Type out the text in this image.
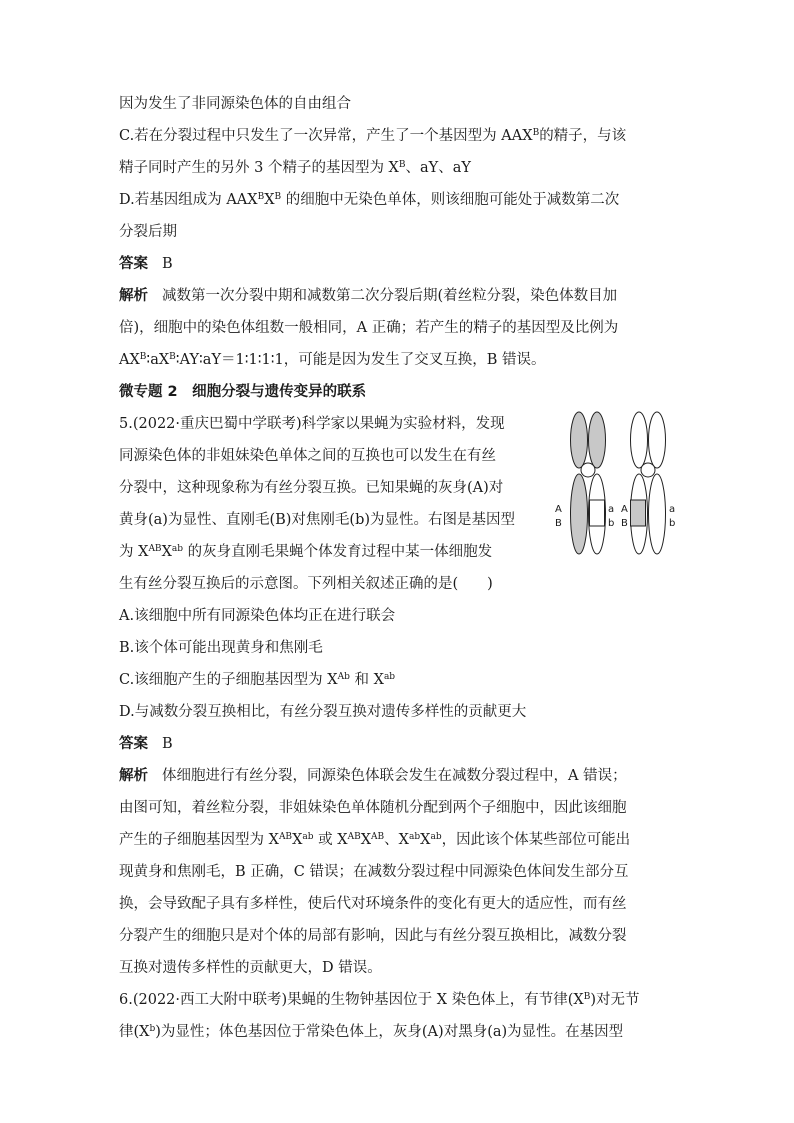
因为发生了非同源染色体的自由组合
C.若在分裂过程中只发生了一次异常，产生了一个基因型为 $AAX^B$的精子，与该
精子同时产生的另外 3 个精子的基因型为 $X^B$、aY、aY
D.若基因组成为 $AAX^BX^B$ 的细胞中无染色单体，则该细胞可能处于减数第二次
分裂后期
答案 B
解析 减数第一次分裂中期和减数第二次分裂后期(着丝粒分裂，染色体数目加
倍)，细胞中的染色体组数一般相同，A 正确；若产生的精子的基因型及比例为
$AX^B∶aX^B∶AY∶aY=1∶1∶1∶1$，可能是因为发生了交叉互换，B 错误。
微专题 2　细胞分裂与遗传变异的联系
5.(2022·重庆巴蜀中学联考)科学家以果蝇为实验材料，发现
同源染色体的非姐妹染色单体之间的互换也可以发生在有丝
分裂中，这种现象称为有丝分裂互换。已知果蝇的灰身(A)对
黄身(a)为显性、直刚毛(B)对焦刚毛(b)为显性。右图是基因型
为 $X^{AB}X^{ab}$ 的灰身直刚毛果蝇个体发育过程中某一体细胞发
生有丝分裂互换后的示意图。下列相关叙述正确的是(　　)
A.该细胞中所有同源染色体均正在进行联会
B.该个体可能出现黄身和焦刚毛
C.该细胞产生的子细胞基因型为 $X^{Ab}$ 和 $X^{ab}$
D.与减数分裂互换相比，有丝分裂互换对遗传多样性的贡献更大
答案 B
解析 体细胞进行有丝分裂，同源染色体联会发生在减数分裂过程中，A 错误；
由图可知，着丝粒分裂，非姐妹染色单体随机分配到两个子细胞中，因此该细胞
产生的子细胞基因型为 $X^{AB}X^{ab}$ 或 $X^{AB}X^{AB}$、$X^{ab}X^{ab}$，因此该个体某些部位可能出
现黄身和焦刚毛，B 正确，C 错误；在减数分裂过程中同源染色体间发生部分互
换，会导致配子具有多样性，使后代对环境条件的变化有更大的适应性，而有丝
分裂产生的细胞只是对个体的局部有影响，因此与有丝分裂互换相比，减数分裂
互换对遗传多样性的贡献更大，D 错误。
6.(2022·西工大附中联考)果蝇的生物钟基因位于 X 染色体上，有节律$(X^B)$对无节
律$(X^b)$为显性；体色基因位于常染色体上，灰身(A)对黑身(a)为显性。在基因型
A
B
a
b
A
B
a
b
